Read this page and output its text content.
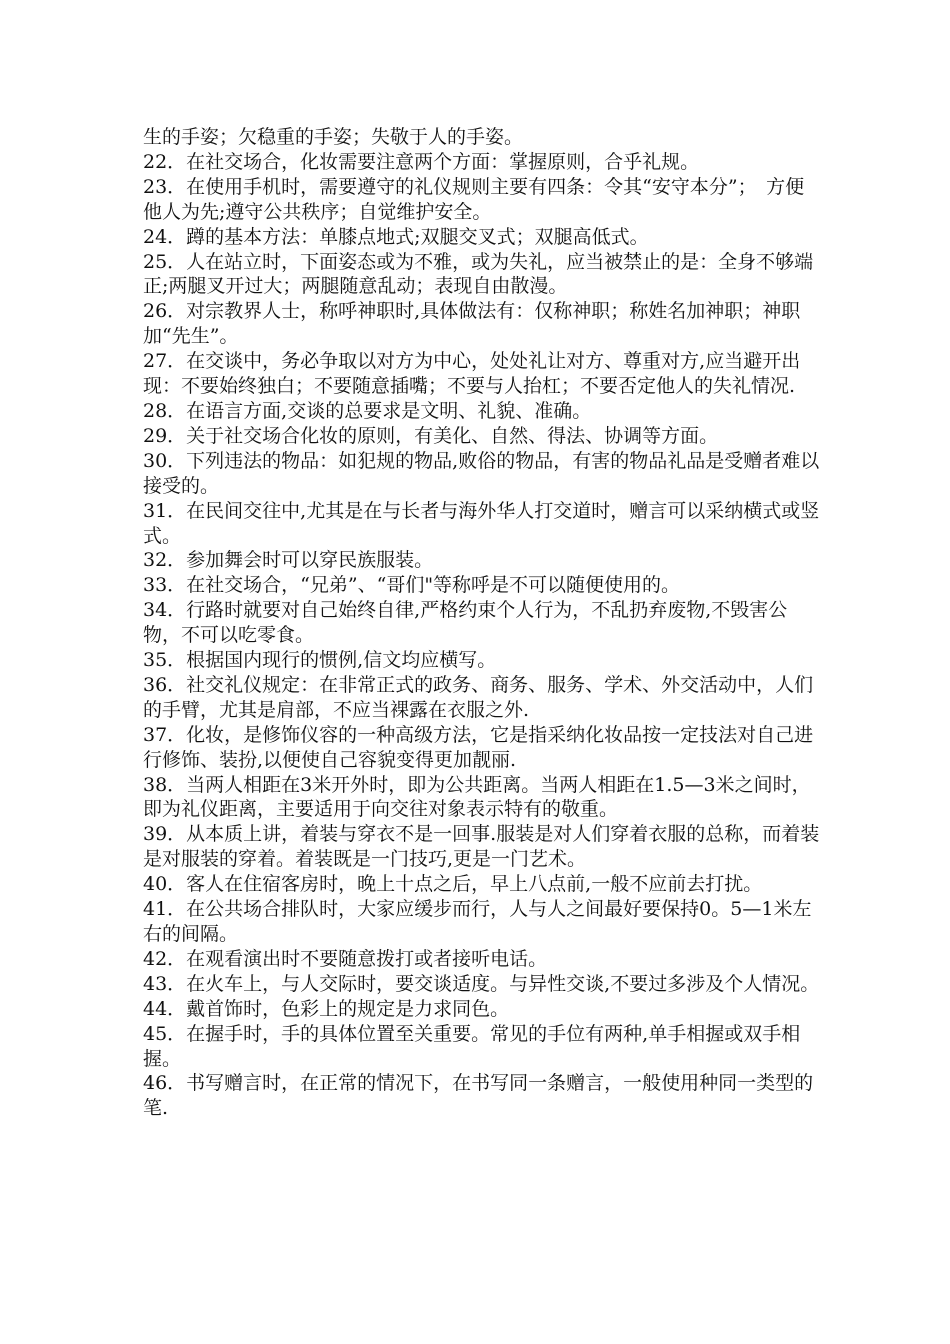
生的手姿；欠稳重的手姿；失敬于人的手姿。

22．在社交场合，化妆需要注意两个方面：掌握原则，合乎礼规。

23．在使用手机时，需要遵守的礼仪规则主要有四条：令其“安守本分”；　方便他人为先;遵守公共秩序；自觉维护安全。

24．蹲的基本方法：单膝点地式;双腿交叉式；双腿高低式。

25．人在站立时，下面姿态或为不雅，或为失礼，应当被禁止的是：全身不够端正;两腿叉开过大；两腿随意乱动；表现自由散漫。

26．对宗教界人士，称呼神职时,具体做法有：仅称神职；称姓名加神职；神职加“先生”。

27．在交谈中，务必争取以对方为中心，处处礼让对方、尊重对方,应当避开出现：不要始终独白；不要随意插嘴；不要与人抬杠；不要否定他人的失礼情况.

28．在语言方面,交谈的总要求是文明、礼貌、准确。

29．关于社交场合化妆的原则，有美化、自然、得法、协调等方面。

30．下列违法的物品：如犯规的物品,败俗的物品，有害的物品礼品是受赠者难以接受的。

31．在民间交往中,尤其是在与长者与海外华人打交道时，赠言可以采纳横式或竖式。

32．参加舞会时可以穿民族服装。

33．在社交场合，“兄弟”、“哥们"等称呼是不可以随便使用的。

34．行路时就要对自己始终自律,严格约束个人行为，不乱扔弃废物,不毁害公物，不可以吃零食。

35．根据国内现行的惯例,信文均应横写。

36．社交礼仪规定：在非常正式的政务、商务、服务、学术、外交活动中，人们的手臂，尤其是肩部，不应当裸露在衣服之外.

37．化妆，是修饰仪容的一种高级方法，它是指采纳化妆品按一定技法对自己进行修饰、装扮,以便使自己容貌变得更加靓丽.

38．当两人相距在3米开外时，即为公共距离。当两人相距在1.5—3米之间时，即为礼仪距离，主要适用于向交往对象表示特有的敬重。

39．从本质上讲，着装与穿衣不是一回事.服装是对人们穿着衣服的总称，而着装是对服装的穿着。着装既是一门技巧,更是一门艺术。

40．客人在住宿客房时，晚上十点之后，早上八点前,一般不应前去打扰。

41．在公共场合排队时，大家应缓步而行，人与人之间最好要保持0。5—1米左右的间隔。

42．在观看演出时不要随意拨打或者接听电话。

43．在火车上，与人交际时，要交谈适度。与异性交谈,不要过多涉及个人情况。

44．戴首饰时，色彩上的规定是力求同色。

45．在握手时，手的具体位置至关重要。常见的手位有两种,单手相握或双手相握。

46．书写赠言时，在正常的情况下，在书写同一条赠言，一般使用种同一类型的笔.
